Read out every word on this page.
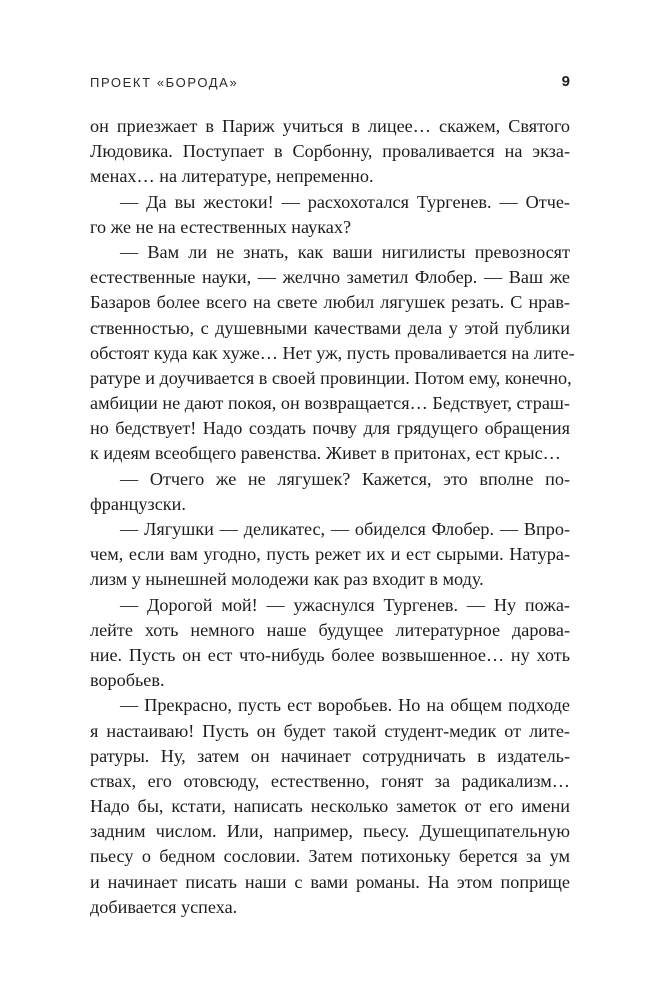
ПРОЕКТ «БОРОДА»	9
он приезжает в Париж учиться в лицее… скажем, Святого
Людовика. Поступает в Сорбонну, проваливается на экза-
менах… на литературе, непременно.
— Да вы жестоки! — расхохотался Тургенев. — Отче-
го же не на естественных науках?
— Вам ли не знать, как ваши нигилисты превозносят
естественные науки, — желчно заметил Флобер. — Ваш же
Базаров более всего на свете любил лягушек резать. С нрав-
ственностью, с душевными качествами дела у этой публики
обстоят куда как хуже… Нет уж, пусть проваливается на лите-
ратуре и доучивается в своей провинции. Потом ему, конечно,
амбиции не дают покоя, он возвращается… Бедствует, страш-
но бедствует! Надо создать почву для грядущего обращения
к идеям всеобщего равенства. Живет в притонах, ест крыс…
— Отчего же не лягушек? Кажется, это вполне по-
французски.
— Лягушки — деликатес, — обиделся Флобер. — Впро-
чем, если вам угодно, пусть режет их и ест сырыми. Натура-
лизм у нынешней молодежи как раз входит в моду.
— Дорогой мой! — ужаснулся Тургенев. — Ну пожа-
лейте хоть немного наше будущее литературное дарова-
ние. Пусть он ест что-нибудь более возвышенное… ну хоть
воробьев.
— Прекрасно, пусть ест воробьев. Но на общем подходе
я настаиваю! Пусть он будет такой студент-медик от лите-
ратуры. Ну, затем он начинает сотрудничать в издатель-
ствах, его отовсюду, естественно, гонят за радикализм…
Надо бы, кстати, написать несколько заметок от его имени
задним числом. Или, например, пьесу. Душещипательную
пьесу о бедном сословии. Затем потихоньку берется за ум
и начинает писать наши с вами романы. На этом поприще
добивается успеха.
